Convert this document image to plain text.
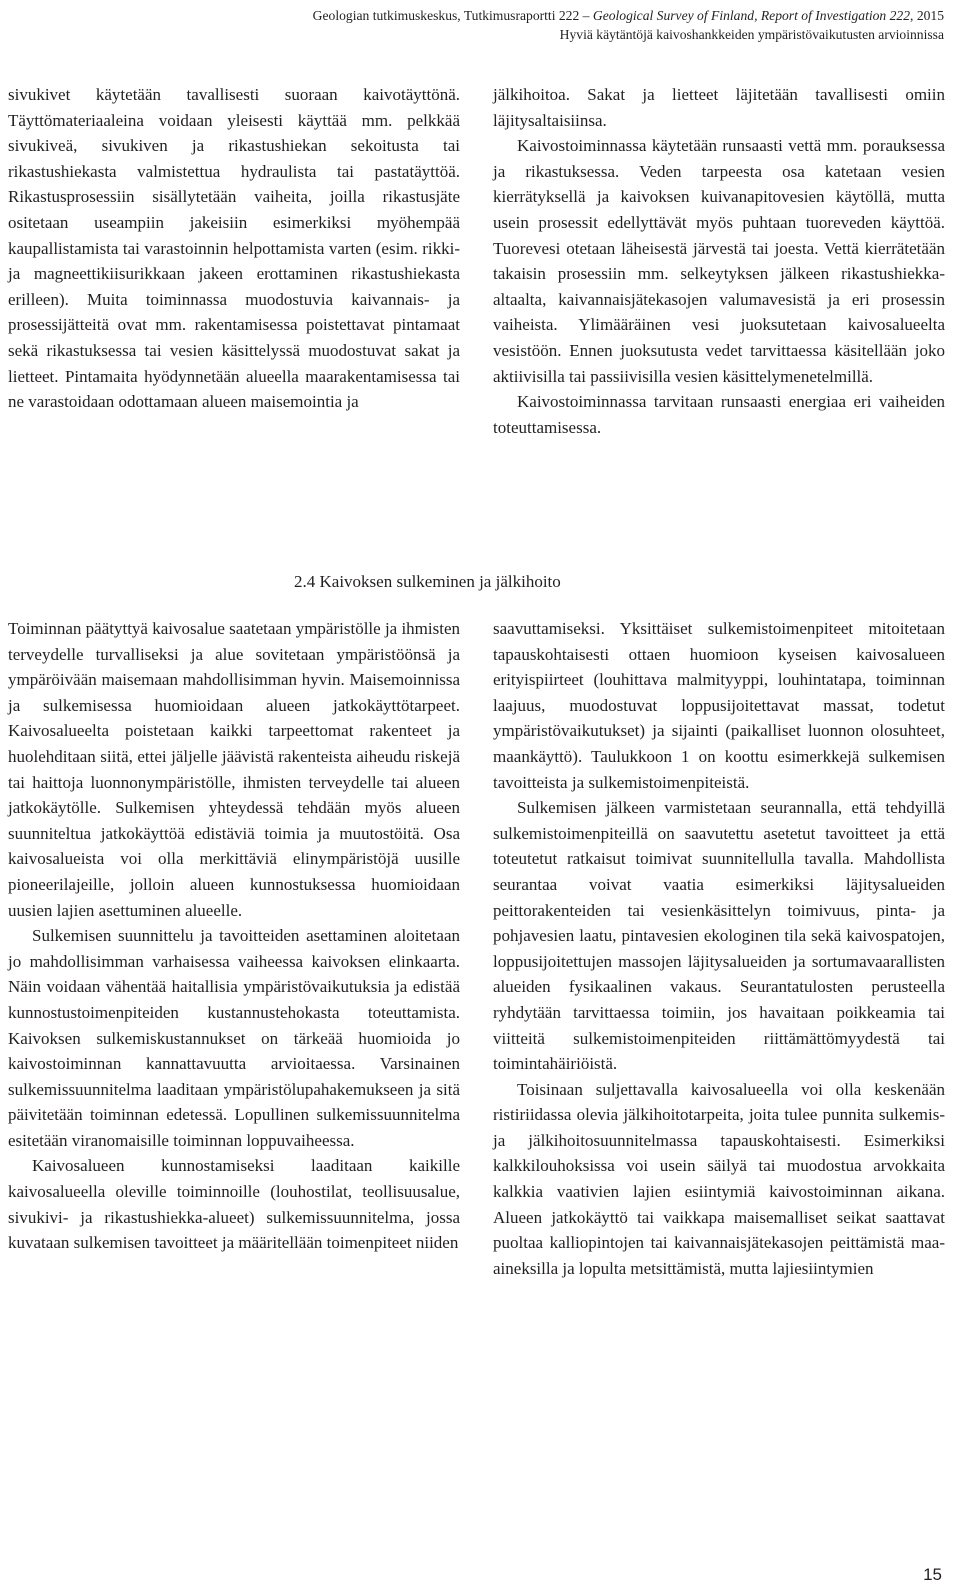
Geologian tutkimuskeskus, Tutkimusraportti 222 – Geological Survey of Finland, Report of Investigation 222, 2015
Hyviä käytäntöjä kaivoshankkeiden ympäristövaikutusten arvioinnissa

sivukivet käytetään tavallisesti suoraan kaivotäyttönä. Täyttömateriaaleina voidaan yleisesti käyttää mm. pelkkää sivukiveä, sivukiven ja rikastushiekan sekoitusta tai rikastushiekasta valmistettua hydraulista tai pastatäyttöä. Rikastusprosessiin sisällytetään vaiheita, joilla rikastusjäte ositetaan useampiin jakeisiin esimerkiksi myöhempää kaupallistamista tai varastoinnin helpottamista varten (esim. rikki- ja magneettikiisurikkaan jakeen erottaminen rikastushiekasta erilleen). Muita toiminnassa muodostuvia kaivannais- ja prosessijätteitä ovat mm. rakentamisessa poistettavat pintamaat sekä rikastuksessa tai vesien käsittelyssä muodostuvat sakat ja lietteet. Pintamaita hyödynnetään alueella maarakentamisessa tai ne varastoidaan odottamaan alueen maisemointia ja

jälkihoitoa. Sakat ja lietteet läjitetään tavallisesti omiin läjitysaltaisiinsa.

Kaivostoiminnassa käytetään runsaasti vettä mm. porauksessa ja rikastuksessa. Veden tarpeesta osa katetaan vesien kierrätyksellä ja kaivoksen kuivanapitovesien käytöllä, mutta usein prosessit edellyttävät myös puhtaan tuoreveden käyttöä. Tuorevesi otetaan läheisestä järvestä tai joesta. Vettä kierrätetään takaisin prosessiin mm. selkeytyksen jälkeen rikastushiekka-altaalta, kaivannaisjätekasojen valumavesistä ja eri prosessin vaiheista. Ylimääräinen vesi juoksutetaan kaivosalueelta vesistöön. Ennen juoksutusta vedet tarvittaessa käsitellään joko aktiivisilla tai passiivisilla vesien käsittelymenetelmillä.

Kaivostoiminnassa tarvitaan runsaasti energiaa eri vaiheiden toteuttamisessa.

2.4 Kaivoksen sulkeminen ja jälkihoito

Toiminnan päätyttyä kaivosalue saatetaan ympäristölle ja ihmisten terveydelle turvalliseksi ja alue sovitetaan ympäristöönsä ja ympäröivään maisemaan mahdollisimman hyvin. Maisemoinnissa ja sulkemisessa huomioidaan alueen jatkokäyttötarpeet. Kaivosalueelta poistetaan kaikki tarpeettomat rakenteet ja huolehditaan siitä, ettei jäljelle jäävistä rakenteista aiheudu riskejä tai haittoja luonnonympäristölle, ihmisten terveydelle tai alueen jatkokäytölle. Sulkemisen yhteydessä tehdään myös alueen suunniteltua jatkokäyttöä edistäviä toimia ja muutostöitä. Osa kaivosalueista voi olla merkittäviä elinympäristöjä uusille pioneerilajeille, jolloin alueen kunnostuksessa huomioidaan uusien lajien asettuminen alueelle.

Sulkemisen suunnittelu ja tavoitteiden asettaminen aloitetaan jo mahdollisimman varhaisessa vaiheessa kaivoksen elinkaarta. Näin voidaan vähentää haitallisia ympäristövaikutuksia ja edistää kunnostustoimenpiteiden kustannustehokasta toteuttamista. Kaivoksen sulkemiskustannukset on tärkeää huomioida jo kaivostoiminnan kannattavuutta arvioitaessa. Varsinainen sulkemissuunnitelma laaditaan ympäristölupahakemukseen ja sitä päivitetään toiminnan edetessä. Lopullinen sulkemissuunnitelma esitetään viranomaisille toiminnan loppuvaiheessa.

Kaivosalueen kunnostamiseksi laaditaan kaikille kaivosalueella oleville toiminnoille (louhostilat, teollisuusalue, sivukivi- ja rikastushiekka-alueet) sulkemissuunnitelma, jossa kuvataan sulkemisen tavoitteet ja määritellään toimenpiteet niiden

saavuttamiseksi. Yksittäiset sulkemistoimenpiteet mitoitetaan tapauskohtaisesti ottaen huomioon kyseisen kaivosalueen erityispiirteet (louhittava malmityyppi, louhintatapa, toiminnan laajuus, muodostuvat loppusijoitettavat massat, todetut ympäristövaikutukset) ja sijainti (paikalliset luonnon olosuhteet, maankäyttö). Taulukkoon 1 on koottu esimerkkejä sulkemisen tavoitteista ja sulkemistoimenpiteistä.

Sulkemisen jälkeen varmistetaan seurannalla, että tehdyillä sulkemistoimenpiteillä on saavutettu asetetut tavoitteet ja että toteutetut ratkaisut toimivat suunnitellulla tavalla. Mahdollista seurantaa voivat vaatia esimerkiksi läjitysalueiden peittorakenteiden tai vesienkäsittelyn toimivuus, pinta- ja pohjavesien laatu, pintavesien ekologinen tila sekä kaivospatojen, loppusijoitettujen massojen läjitysalueiden ja sortumavaarallisten alueiden fysikaalinen vakaus. Seurantatulosten perusteella ryhdytään tarvittaessa toimiin, jos havaitaan poikkeamia tai viitteitä sulkemistoimenpiteiden riittämättömyydestä tai toimintahäiriöistä.

Toisinaan suljettavalla kaivosalueella voi olla keskenään ristiriidassa olevia jälkihoitotarpeita, joita tulee punnita sulkemis- ja jälkihoitosuunnitelmassa tapauskohtaisesti. Esimerkiksi kalkkilouhoksissa voi usein säilyä tai muodostua arvokkaita kalkkia vaativien lajien esiintymiä kaivostoiminnan aikana. Alueen jatkokäyttö tai vaikkapa maisemalliset seikat saattavat puoltaa kalliopintojen tai kaivannaisjätekasojen peittämistä maa-aineksilla ja lopulta metsittämistä, mutta lajiesiintymien

15
